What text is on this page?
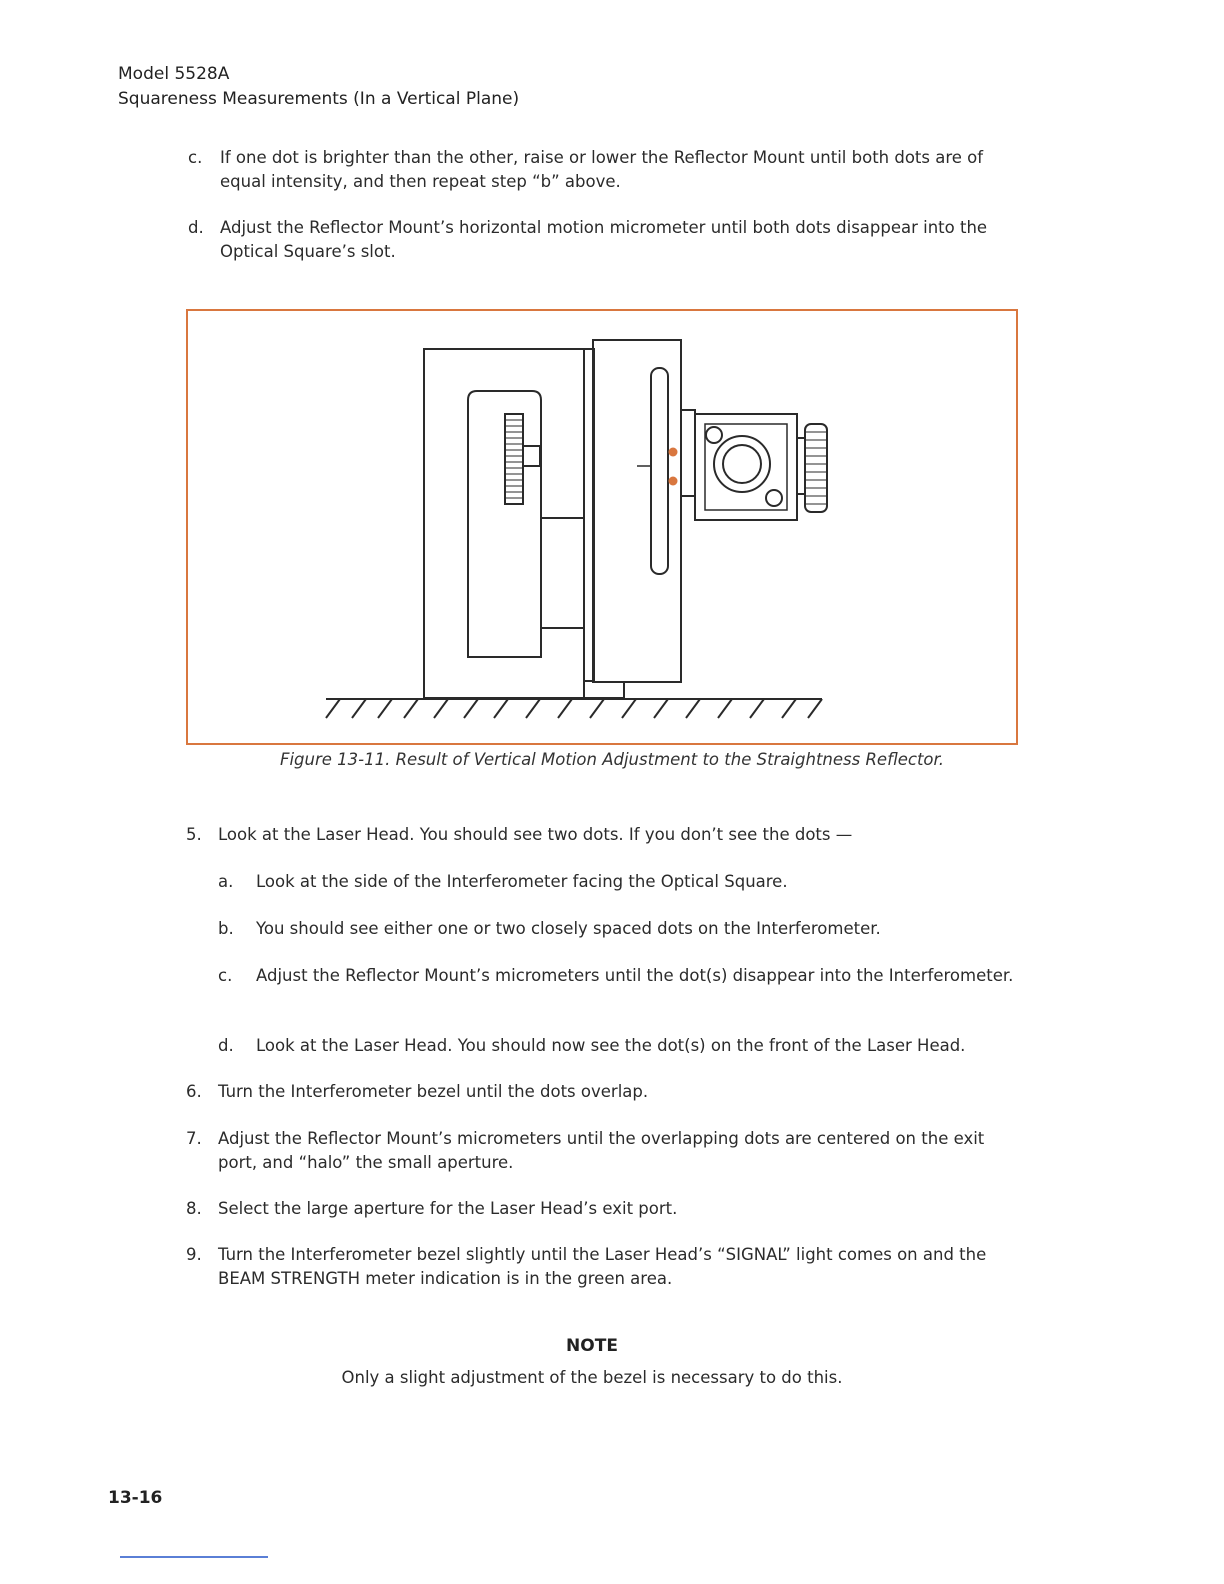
Model 5528A
Squareness Measurements (In a Vertical Plane)
c. If one dot is brighter than the other, raise or lower the Reflector Mount until both dots are of equal intensity, and then repeat step “b” above.
d. Adjust the Reflector Mount’s horizontal motion micrometer until both dots disappear into the Optical Square’s slot.
Figure 13-11. Result of Vertical Motion Adjustment to the Straightness Reflector.
5. Look at the Laser Head. You should see two dots. If you don’t see the dots —
a. Look at the side of the Interferometer facing the Optical Square.
b. You should see either one or two closely spaced dots on the Interferometer.
c. Adjust the Reflector Mount’s micrometers until the dot(s) disappear into the Interferometer.
d. Look at the Laser Head. You should now see the dot(s) on the front of the Laser Head.
6. Turn the Interferometer bezel until the dots overlap.
7. Adjust the Reflector Mount’s micrometers until the overlapping dots are centered on the exit port, and “halo” the small aperture.
8. Select the large aperture for the Laser Head’s exit port.
9. Turn the Interferometer bezel slightly until the Laser Head’s “SIGNAL” light comes on and the BEAM STRENGTH meter indication is in the green area.
NOTE
Only a slight adjustment of the bezel is necessary to do this.
13-16
